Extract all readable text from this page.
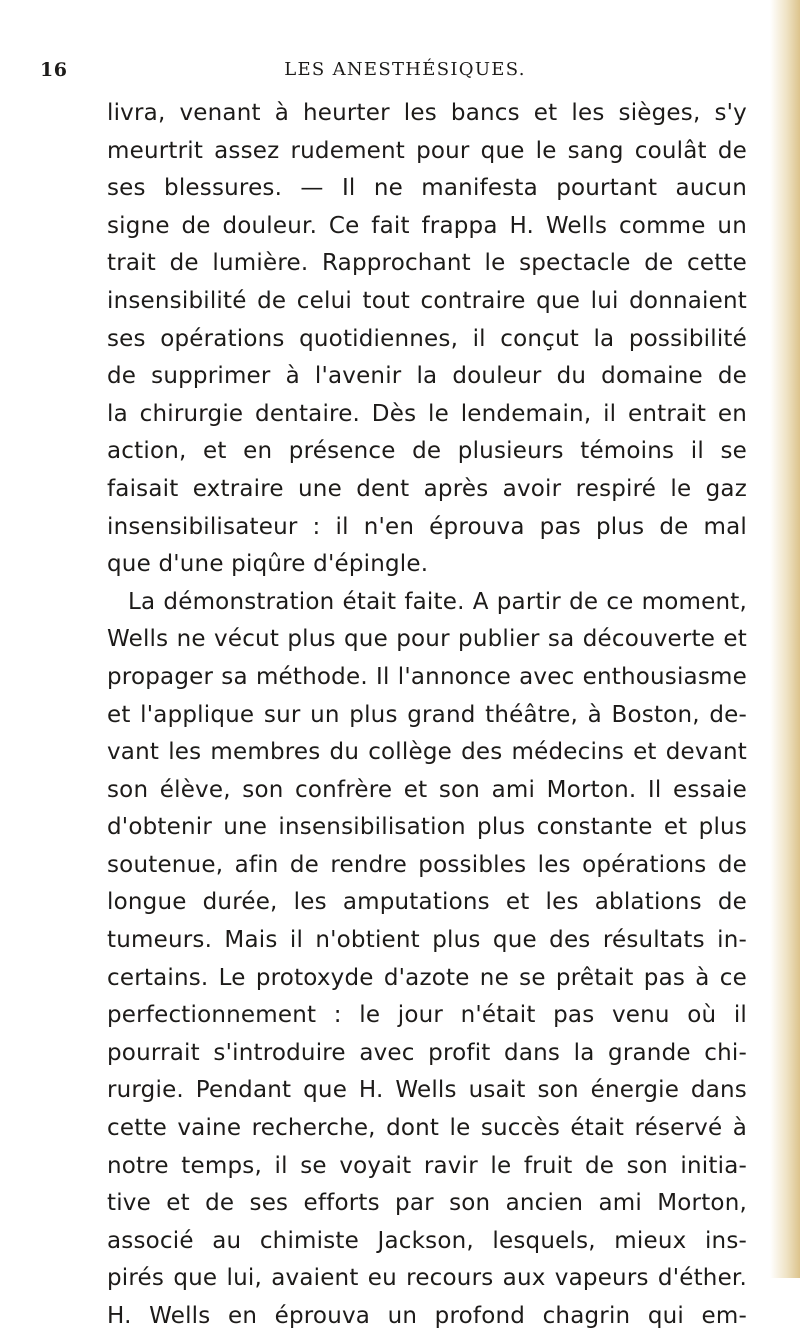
16	LES ANESTHÉSIQUES.
livra, venant à heurter les bancs et les sièges, s'y
meurtrit assez rudement pour que le sang coulât de
ses blessures. — Il ne manifesta pourtant aucun
signe de douleur. Ce fait frappa H. Wells comme un
trait de lumière. Rapprochant le spectacle de cette
insensibilité de celui tout contraire que lui donnaient
ses opérations quotidiennes, il conçut la possibilité
de supprimer à l'avenir la douleur du domaine de
la chirurgie dentaire. Dès le lendemain, il entrait en
action, et en présence de plusieurs témoins il se
faisait extraire une dent après avoir respiré le gaz
insensibilisateur : il n'en éprouva pas plus de mal
que d'une piqûre d'épingle.
La démonstration était faite. A partir de ce moment,
Wells ne vécut plus que pour publier sa découverte et
propager sa méthode. Il l'annonce avec enthousiasme
et l'applique sur un plus grand théâtre, à Boston, de-
vant les membres du collège des médecins et devant
son élève, son confrère et son ami Morton. Il essaie
d'obtenir une insensibilisation plus constante et plus
soutenue, afin de rendre possibles les opérations de
longue durée, les amputations et les ablations de
tumeurs. Mais il n'obtient plus que des résultats in-
certains. Le protoxyde d'azote ne se prêtait pas à ce
perfectionnement : le jour n'était pas venu où il
pourrait s'introduire avec profit dans la grande chi-
rurgie. Pendant que H. Wells usait son énergie dans
cette vaine recherche, dont le succès était réservé à
notre temps, il se voyait ravir le fruit de son initia-
tive et de ses efforts par son ancien ami Morton,
associé au chimiste Jackson, lesquels, mieux ins-
pirés que lui, avaient eu recours aux vapeurs d'éther.
H. Wells en éprouva un profond chagrin qui em-
